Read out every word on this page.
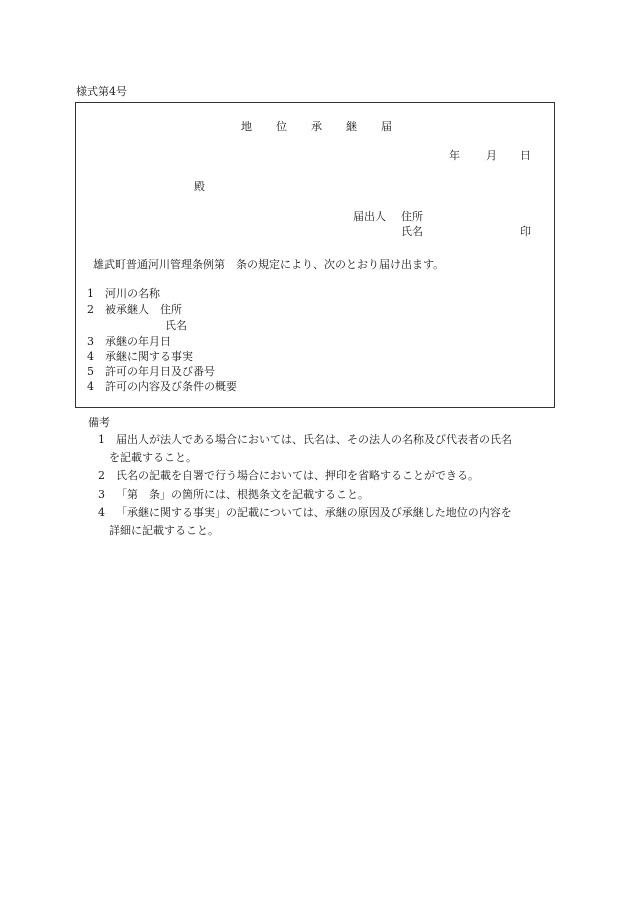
様式第4号
地 位 承 継 届
年 月 日
殿
届出人 住所
氏名	印
雄武町普通河川管理条例第　条の規定により、次のとおり届け出ます。
1 河川の名称
2 被承継人　住所
氏名
3 承継の年月日
4 承継に関する事実
5 許可の年月日及び番号
4 許可の内容及び条件の概要
備考
1 届出人が法人である場合においては、氏名は、その法人の名称及び代表者の氏名
を記載すること。
2 氏名の記載を自署で行う場合においては、押印を省略することができる。
3 「第　条」の箇所には、根拠条文を記載すること。
4 「承継に関する事実」の記載については、承継の原因及び承継した地位の内容を
詳細に記載すること。
